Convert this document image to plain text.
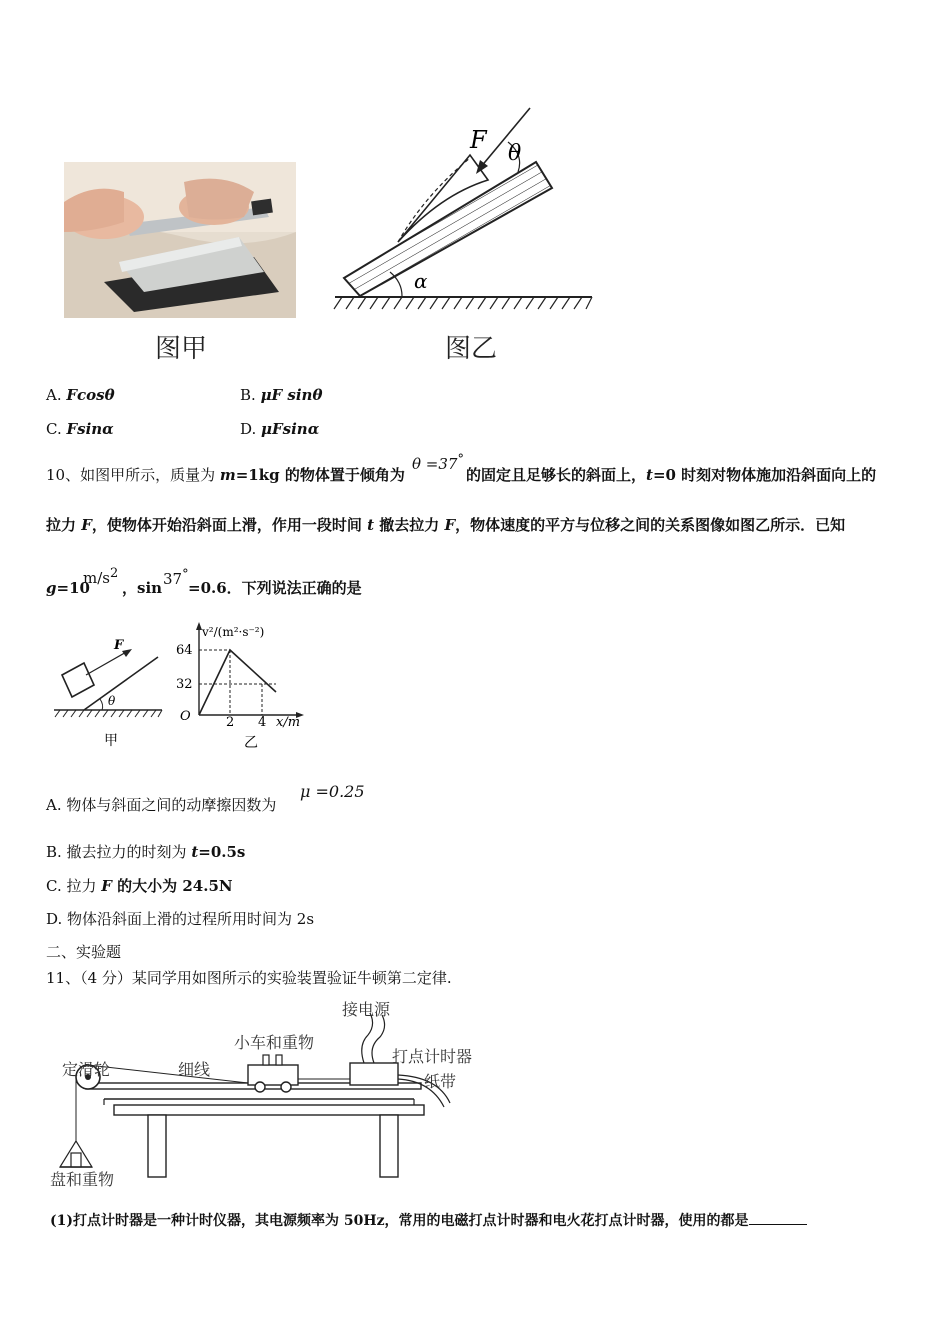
F θ
α
图甲	图乙
A. Fcosθ	B. μF sinθ
C. Fsinα	D. μFsinα
10、如图甲所示，质量为 m=1kg 的物体置于倾角为
θ =37°
的固定且足够长的斜面上，t=0 时刻对物体施加沿斜面向上的
拉力 F，使物体开始沿斜面上滑，作用一段时间 t 撤去拉力 F，物体速度的平方与位移之间的关系图像如图乙所示．已知
g=10
$m/s^2$
，sin 37°
=0.6．下列说法正确的是
F
θ
甲
64
32
O	2 4 x/m
v²/(m²·s⁻²)
乙
A. 物体与斜面之间的动摩擦因数为
μ =0.25
B. 撤去拉力的时刻为 t=0.5s
C. 拉力 F 的大小为 24.5N
D. 物体沿斜面上滑的过程所用时间为 2s
二、实验题
11、（4 分）某同学用如图所示的实验装置验证牛顿第二定律.
接电源
小车和重物
打点计时器
定滑轮	细线
纸带
盘和重物
(1)打点计时器是一种计时仪器，其电源频率为 50Hz，常用的电磁打点计时器和电火花打点计时器，使用的都是
